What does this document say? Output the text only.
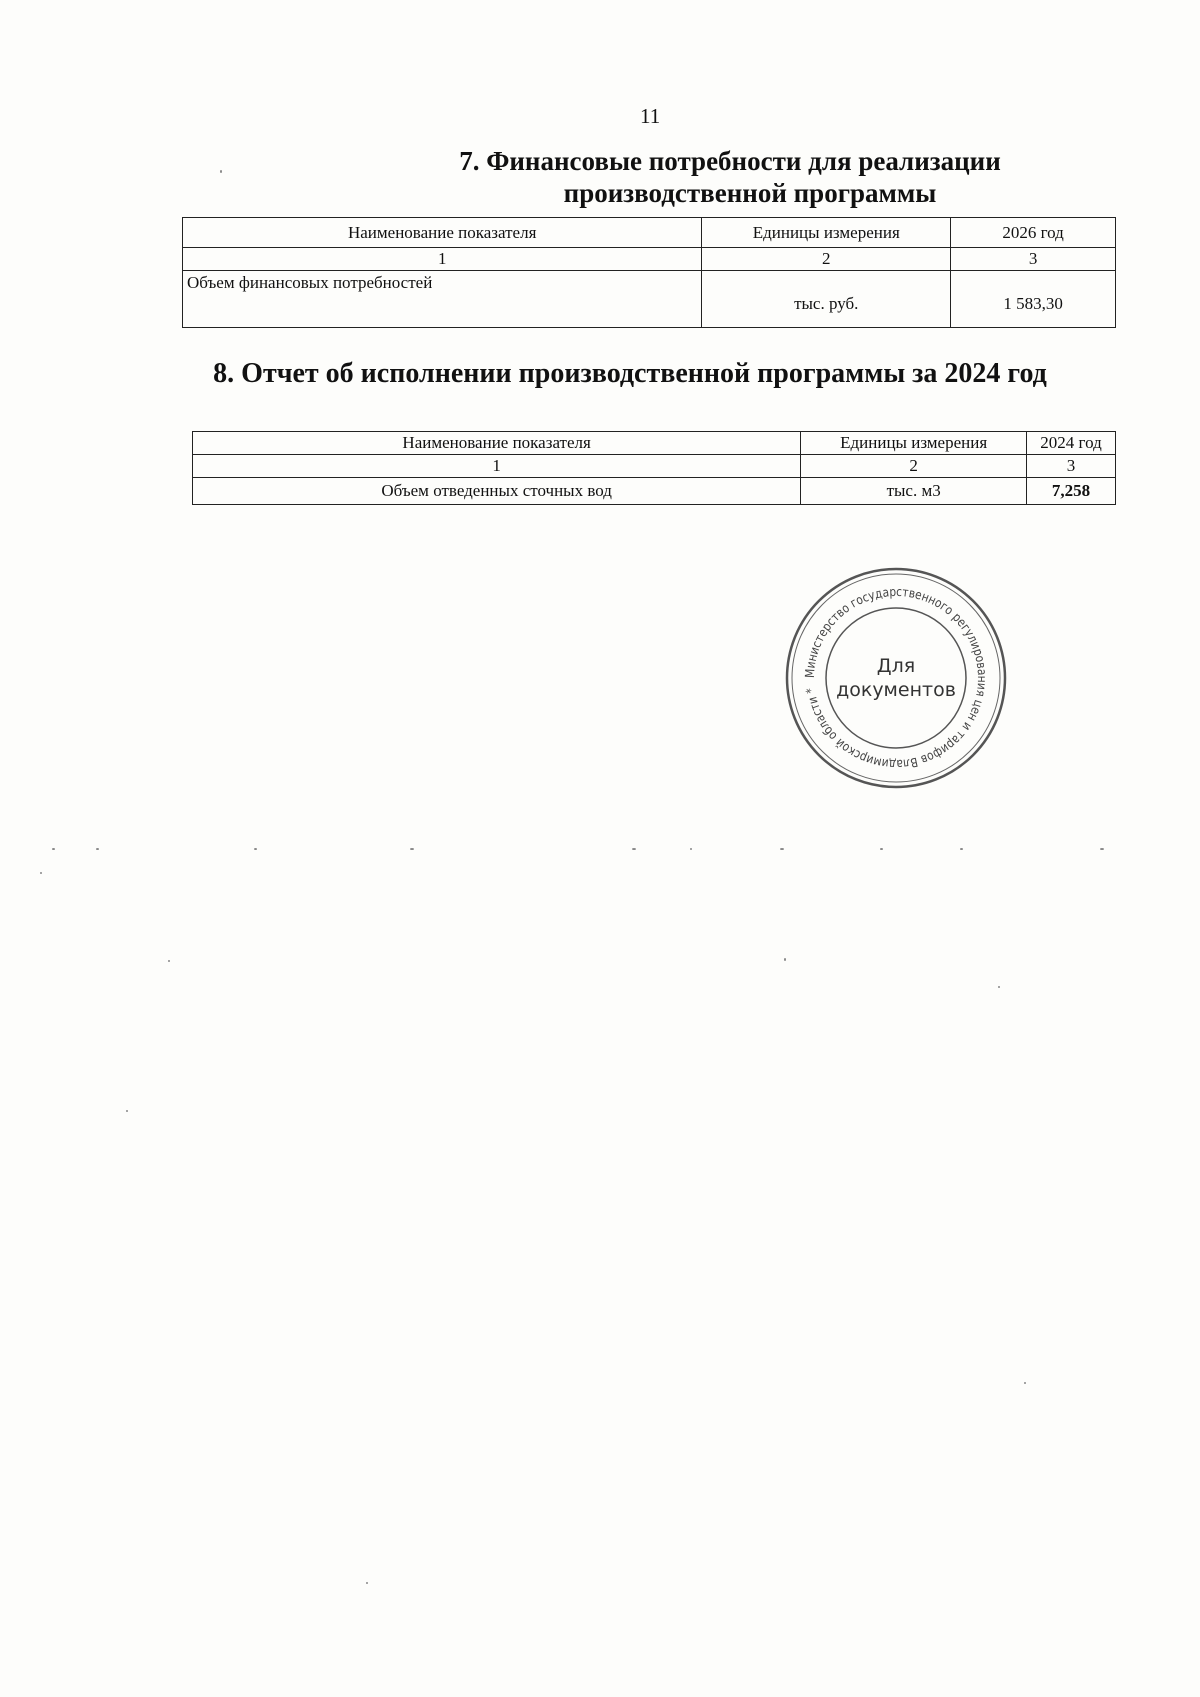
11
7. Финансовые потребности для реализации
производственной программы
Наименование показателя	Единицы измерения	2026 год
1	2	3
Объем финансовых потребностей	тыс. руб.	1 583,30
8. Отчет об исполнении производственной программы за 2024 год
Наименование показателя	Единицы измерения	2024 год
1	2	3
Объем отведенных сточных вод	тыс. м3	7,258
Министерство государственного регулирования цен и тарифов Владимирской области *
Для
документов
